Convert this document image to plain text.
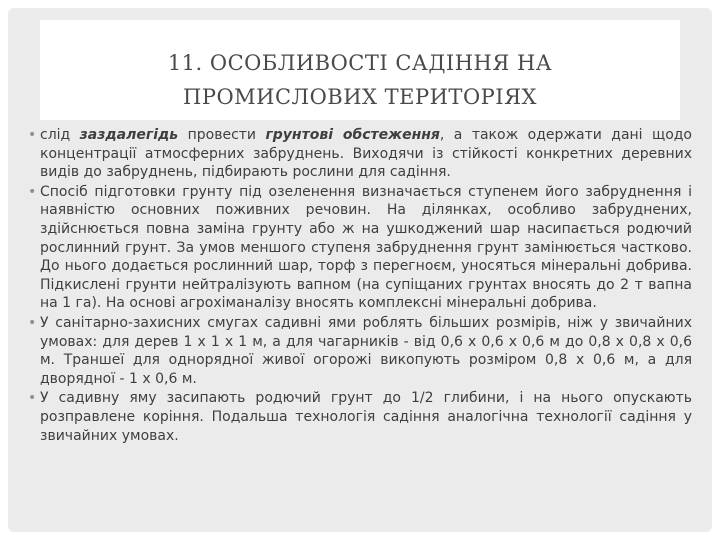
11. ОСОБЛИВОСТІ САДІННЯ НА
ПРОМИСЛОВИХ ТЕРИТОРІЯХ
• слід заздалегідь провести грунтові обстеження, а також одержати дані щодо концентрації атмосферних забруднень. Виходячи із стійкості конкретних деревних видів до забруднень, підбирають рослини для садіння.
• Спосіб підготовки грунту під озеленення визначається ступенем його забруднення і наявністю основних поживних речовин. На ділянках, особливо забруднених, здійснюється повна заміна грунту або ж на ушкоджений шар насипається родючий рослинний грунт. За умов меншого ступеня забруднення грунт замінюється частково. До нього додається рослинний шар, торф з перегноєм, уносяться мінеральні добрива. Підкислені грунти нейтралізують вапном (на супіщаних грунтах вносять до 2 т вапна на 1 га). На основі агрохіманалізу вносять комплексні мінеральні добрива.
• У санітарно-захисних смугах садивні ями роблять більших розмірів, ніж у звичайних умовах: для дерев 1 х 1 х 1 м, а для чагарників - від 0,6 х 0,6 х 0,6 м до 0,8 х 0,8 х 0,6 м. Траншеї для однорядної живої огорожі викопують розміром 0,8 х 0,6 м, а для дворядної - 1 х 0,6 м.
• У садивну яму засипають родючий грунт до 1/2 глибини, і на нього опускають розправлене коріння. Подальша технологія садіння аналогічна технології садіння у звичайних умовах.
